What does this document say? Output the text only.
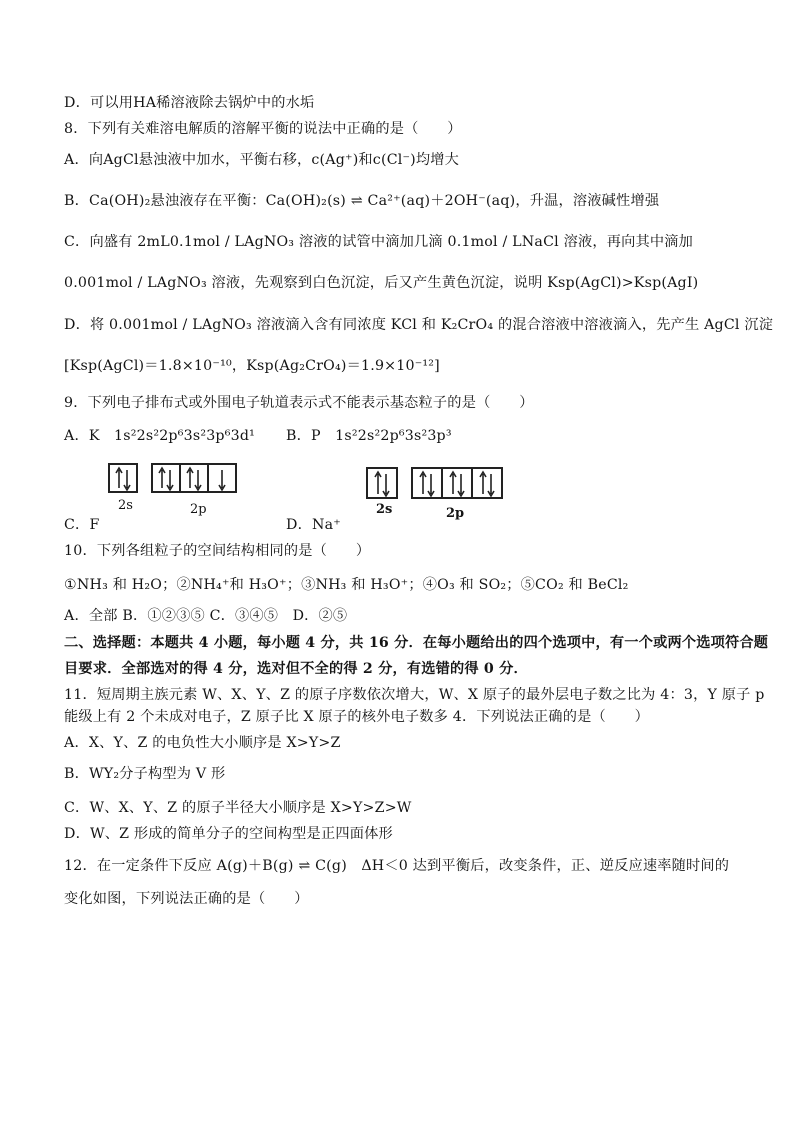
D．可以用HA稀溶液除去锅炉中的水垢
8．下列有关难溶电解质的溶解平衡的说法中正确的是（　　）
A．向AgCl悬浊液中加水，平衡右移，c(Ag⁺)和c(Cl⁻)均增大
B．Ca(OH)₂悬浊液存在平衡：Ca(OH)₂(s) ⇌ Ca²⁺(aq)＋2OH⁻(aq)，升温，溶液碱性增强
C．向盛有 2mL0.1mol / LAgNO₃ 溶液的试管中滴加几滴 0.1mol / LNaCl 溶液，再向其中滴加
0.001mol / LAgNO₃ 溶液，先观察到白色沉淀，后又产生黄色沉淀，说明 Ksp(AgCl)>Ksp(AgI)
D．将 0.001mol / LAgNO₃ 溶液滴入含有同浓度 KCl 和 K₂CrO₄ 的混合溶液中溶液滴入，先产生 AgCl 沉淀
[Ksp(AgCl)＝1.8×10⁻¹⁰，Ksp(Ag₂CrO₄)＝1.9×10⁻¹²]
9．下列电子排布式或外围电子轨道表示式不能表示基态粒子的是（　　）
A．K　1s²2s²2p⁶3s²3p⁶3d¹ B．P　1s²2s²2p⁶3s²3p³
2s	2p	2s	2p
C．F	D．Na⁺
10．下列各组粒子的空间结构相同的是（　　）
①NH₃ 和 H₂O；②NH₄⁺和 H₃O⁺；③NH₃ 和 H₃O⁺；④O₃ 和 SO₂；⑤CO₂ 和 BeCl₂
A．全部 B．①②③⑤ C．③④⑤　D．②⑤
二、选择题：本题共 4 小题，每小题 4 分，共 16 分．在每小题给出的四个选项中，有一个或两个选项符合题
目要求．全部选对的得 4 分，选对但不全的得 2 分，有选错的得 0 分．
11．短周期主族元素 W、X、Y、Z 的原子序数依次增大，W、X 原子的最外层电子数之比为 4：3，Y 原子 p
能级上有 2 个未成对电子，Z 原子比 X 原子的核外电子数多 4．下列说法正确的是（　　）
A．X、Y、Z 的电负性大小顺序是 X>Y>Z
B．WY₂分子构型为 V 形
C．W、X、Y、Z 的原子半径大小顺序是 X>Y>Z>W
D．W、Z 形成的简单分子的空间构型是正四面体形
12．在一定条件下反应 A(g)＋B(g) ⇌ C(g)　ΔH＜0 达到平衡后，改变条件，正、逆反应速率随时间的
变化如图，下列说法正确的是（　　）
